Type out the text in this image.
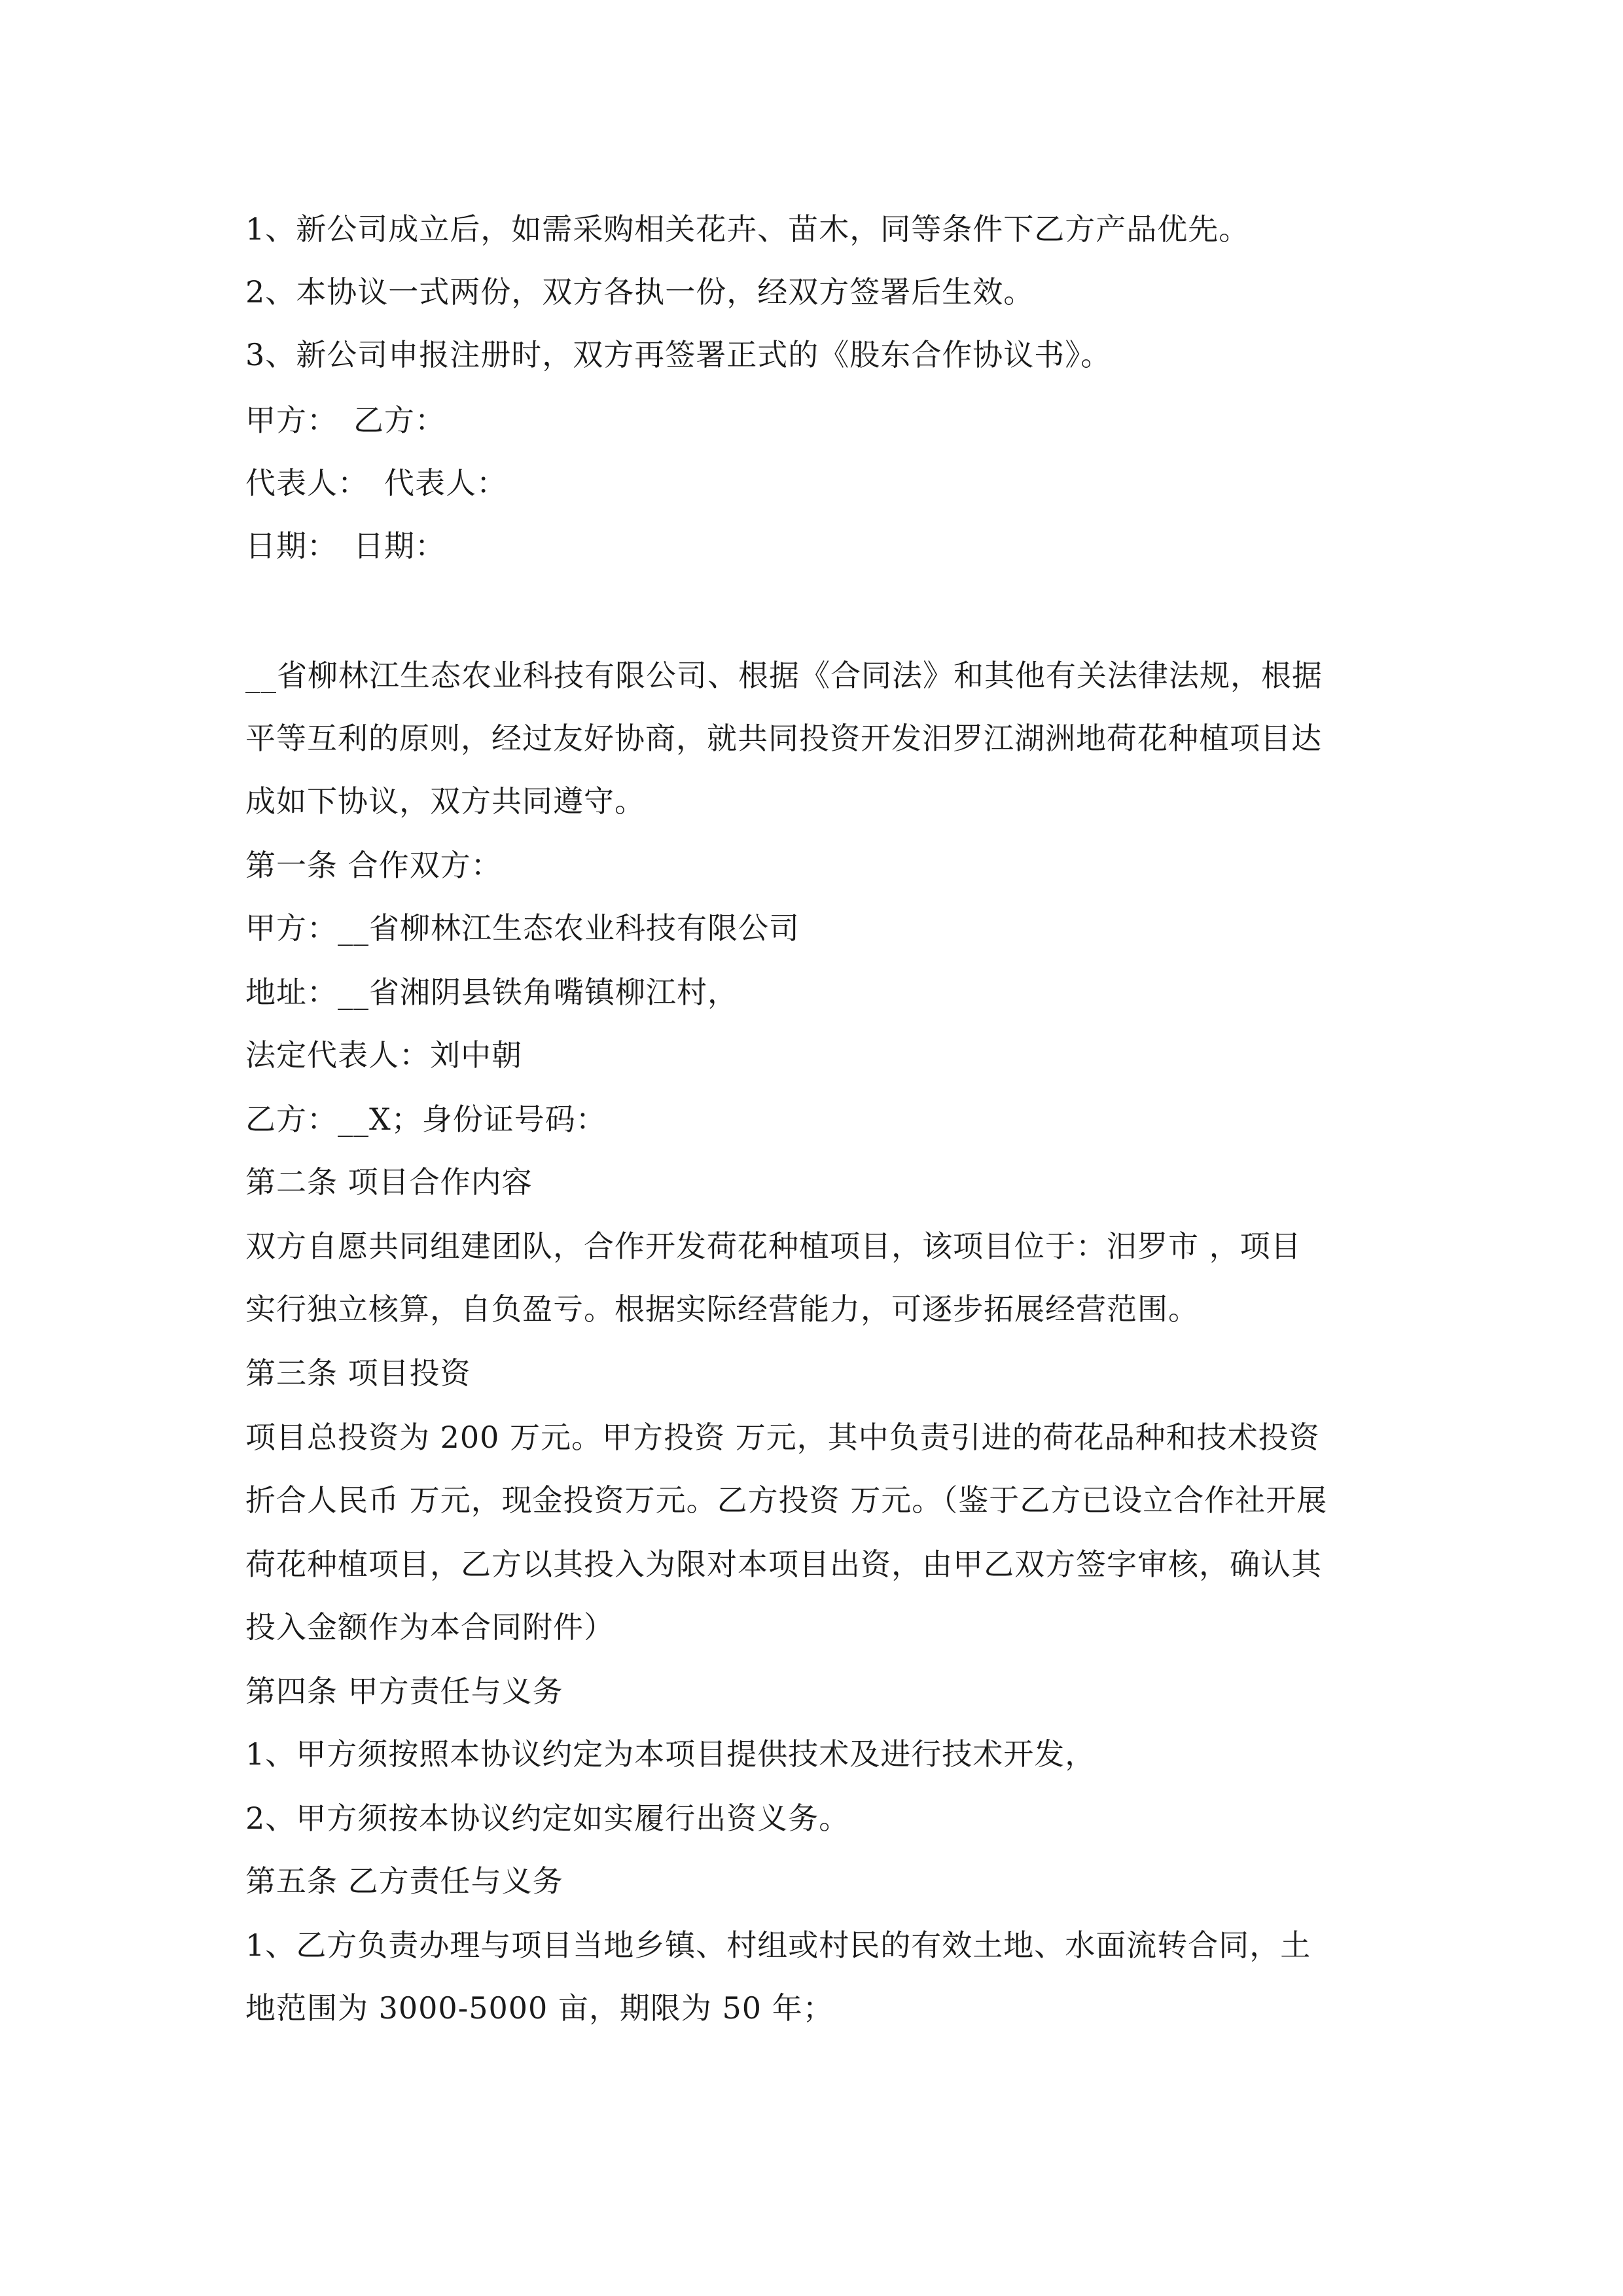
1、新公司成立后，如需采购相关花卉、苗木，同等条件下乙方产品优先。

2、本协议一式两份，双方各执一份，经双方签署后生效。

3、新公司申报注册时，双方再签署正式的《股东合作协议书》。

甲方：　乙方：

代表人：　代表人：

日期：　日期：

__省柳林江生态农业科技有限公司、根据《合同法》和其他有关法律法规，根据

平等互利的原则，经过友好协商，就共同投资开发汨罗江湖洲地荷花种植项目达

成如下协议，双方共同遵守。

第一条 合作双方：

甲方：__省柳林江生态农业科技有限公司

地址：__省湘阴县铁角嘴镇柳江村，

法定代表人：刘中朝

乙方：__X；身份证号码：

第二条 项目合作内容

双方自愿共同组建团队，合作开发荷花种植项目，该项目位于：汨罗市 ，项目

实行独立核算，自负盈亏。根据实际经营能力，可逐步拓展经营范围。

第三条 项目投资

项目总投资为 200 万元。甲方投资 万元，其中负责引进的荷花品种和技术投资

折合人民币 万元，现金投资万元。乙方投资 万元。（鉴于乙方已设立合作社开展

荷花种植项目，乙方以其投入为限对本项目出资，由甲乙双方签字审核，确认其

投入金额作为本合同附件）

第四条 甲方责任与义务

1、甲方须按照本协议约定为本项目提供技术及进行技术开发，

2、甲方须按本协议约定如实履行出资义务。

第五条 乙方责任与义务

1、乙方负责办理与项目当地乡镇、村组或村民的有效土地、水面流转合同，土

地范围为 3000-5000 亩，期限为 50 年；
